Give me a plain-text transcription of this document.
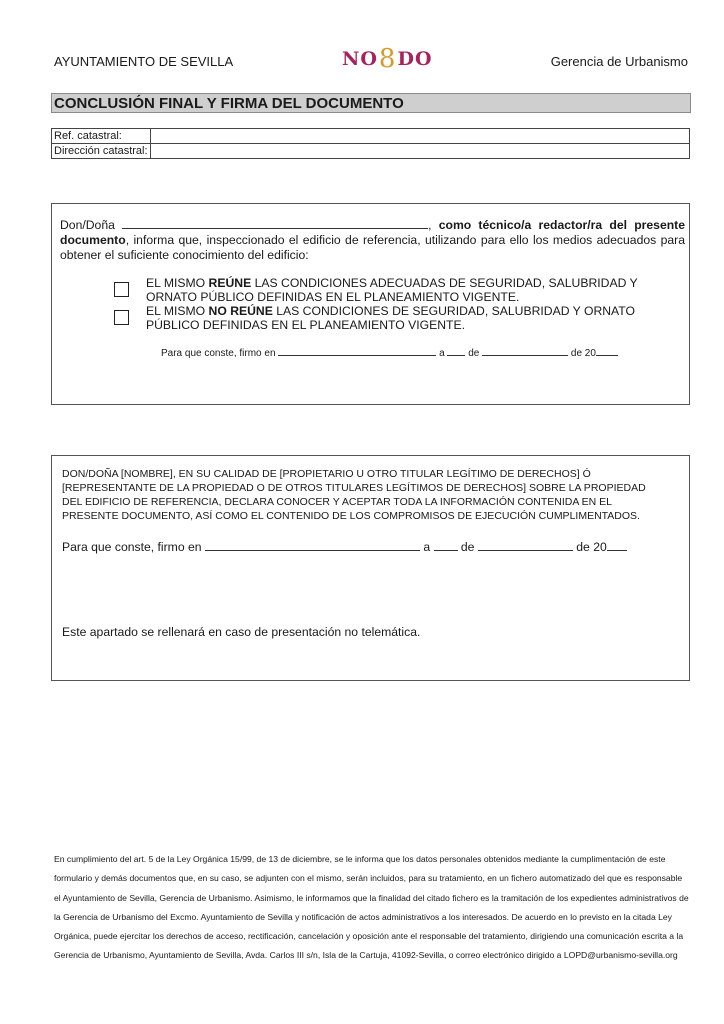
AYUNTAMIENTO DE SEVILLA	NO 8 DO	Gerencia de Urbanismo
CONCLUSIÓN FINAL Y FIRMA DEL DOCUMENTO
Ref. catastral:	
Dirección catastral:	
Don/Doña	, como técnico/a redactor/ra del presente documento, informa que, inspeccionado el edificio de referencia, utilizando para ello los medios adecuados para obtener el suficiente conocimiento del edificio:
EL MISMO REÚNE LAS CONDICIONES ADECUADAS DE SEGURIDAD, SALUBRIDAD Y ORNATO PÚBLICO DEFINIDAS EN EL PLANEAMIENTO VIGENTE.
EL MISMO NO REÚNE LAS CONDICIONES DE SEGURIDAD, SALUBRIDAD Y ORNATO PÚBLICO DEFINIDAS EN EL PLANEAMIENTO VIGENTE.
Para que conste, firmo en	a de	de 20
DON/DOÑA [NOMBRE], EN SU CALIDAD DE [PROPIETARIO U OTRO TITULAR LEGÍTIMO DE DERECHOS] Ó [REPRESENTANTE DE LA PROPIEDAD O DE OTROS TITULARES LEGÍTIMOS DE DERECHOS] SOBRE LA PROPIEDAD DEL EDIFICIO DE REFERENCIA, DECLARA CONOCER Y ACEPTAR TODA LA INFORMACIÓN CONTENIDA EN EL PRESENTE DOCUMENTO, ASÍ COMO EL CONTENIDO DE LOS COMPROMISOS DE EJECUCIÓN CUMPLIMENTADOS.
Para que conste, firmo en	a	de	de 20
Este apartado se rellenará en caso de presentación no telemática.
En cumplimiento del art. 5 de la Ley Orgánica 15/99, de 13 de diciembre, se le informa que los datos personales obtenidos mediante la cumplimentación de este formulario y demás documentos que, en su caso, se adjunten con el mismo, serán incluidos, para su tratamiento, en un fichero automatizado del que es responsable el Ayuntamiento de Sevilla, Gerencia de Urbanismo. Asimismo, le informamos que la finalidad del citado fichero es la tramitación de los expedientes administrativos de la Gerencia de Urbanismo del Excmo. Ayuntamiento de Sevilla y notificación de actos administrativos a los interesados. De acuerdo en lo previsto en la citada Ley Orgánica, puede ejercitar los derechos de acceso, rectificación, cancelación y oposición ante el responsable del tratamiento, dirigiendo una comunicación escrita a la Gerencia de Urbanismo, Ayuntamiento de Sevilla, Avda. Carlos III s/n, Isla de la Cartuja, 41092-Sevilla, o correo electrónico dirigido a LOPD@urbanismo-sevilla.org
